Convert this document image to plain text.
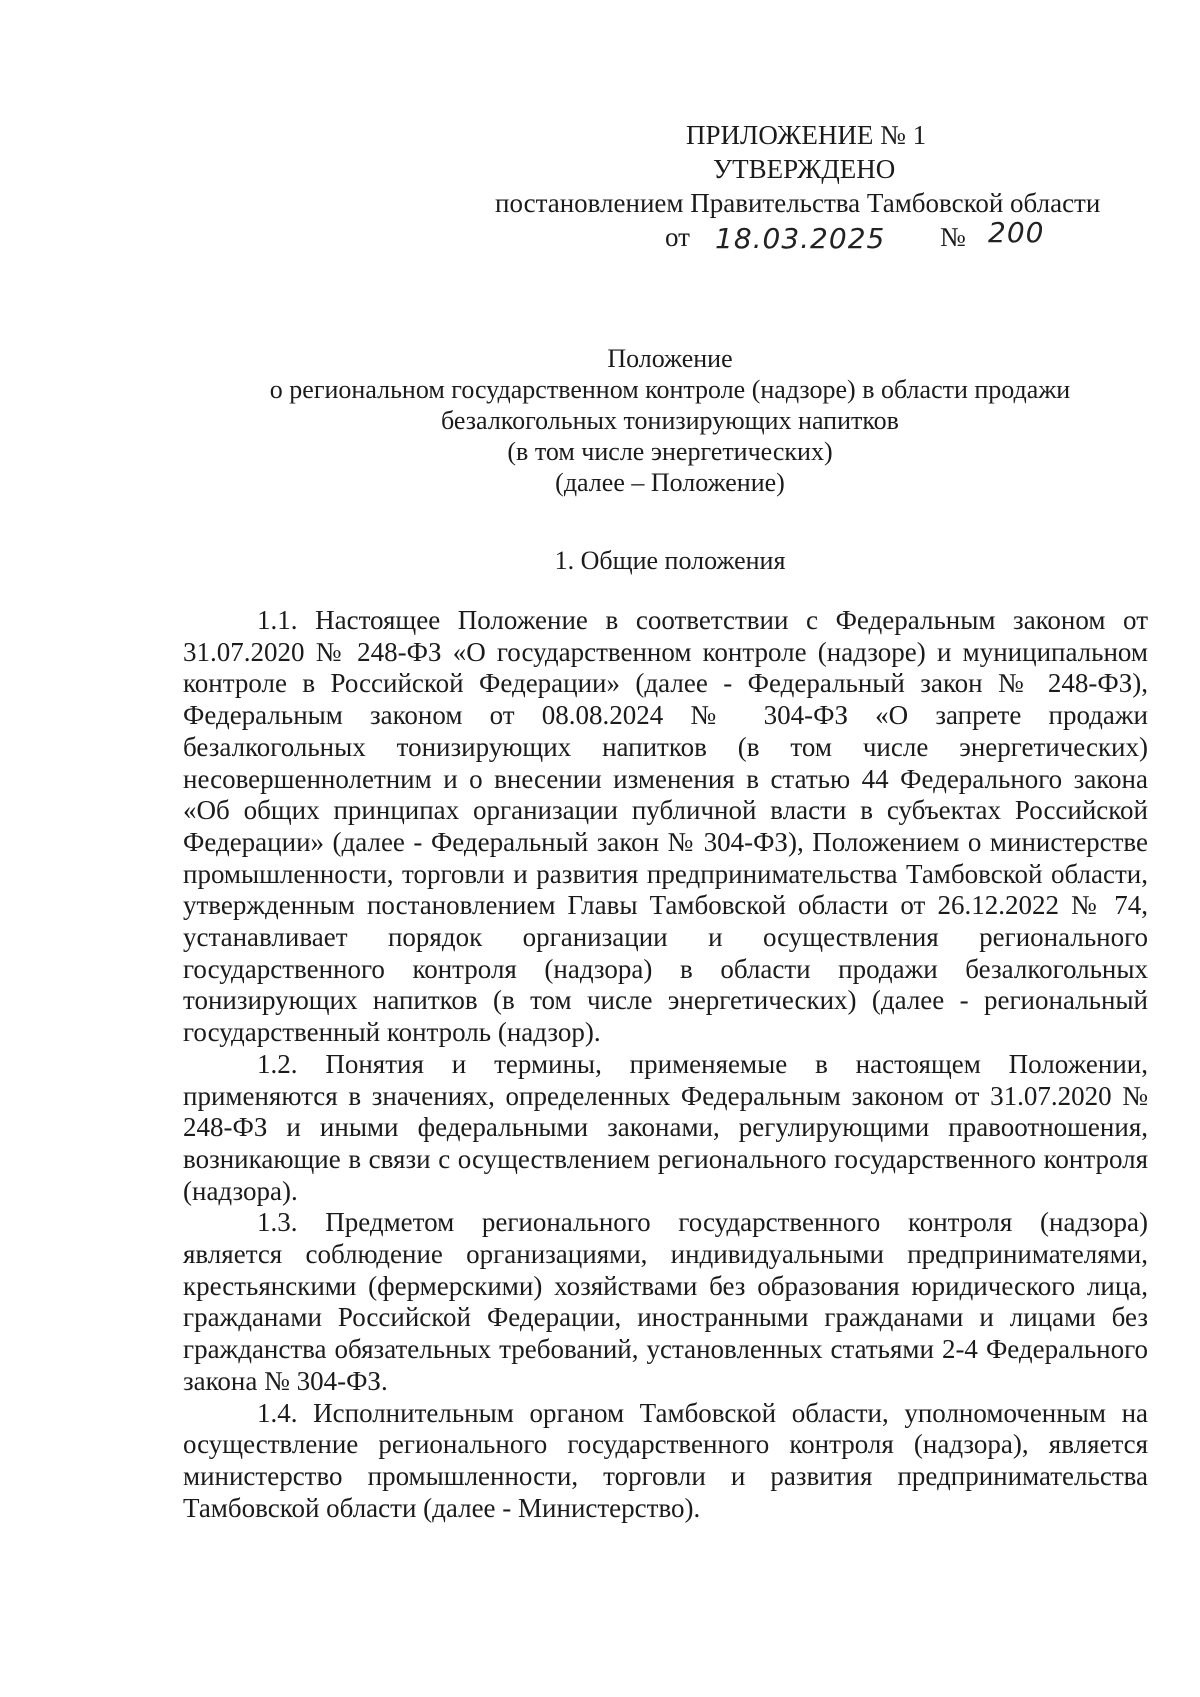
ПРИЛОЖЕНИЕ № 1
УТВЕРЖДЕНО
постановлением Правительства Тамбовской области
от 18.03.2025 № 200
Положение
о региональном государственном контроле (надзоре) в области продажи
безалкогольных тонизирующих напитков
(в том числе энергетических)
(далее – Положение)
1. Общие положения

1.1. Настоящее Положение в соответствии с Федеральным законом от 31.07.2020 № 248-ФЗ «О государственном контроле (надзоре) и муниципальном контроле в Российской Федерации» (далее - Федеральный закон № 248-ФЗ), Федеральным законом от 08.08.2024 № 304-ФЗ «О запрете продажи безалкогольных тонизирующих напитков (в том числе энергетических) несовершеннолетним и о внесении изменения в статью 44 Федерального закона «Об общих принципах организации публичной власти в субъектах Российской Федерации» (далее - Федеральный закон № 304-ФЗ), Положением о министерстве промышленности, торговли и развития предпринимательства Тамбовской области, утвержденным постановлением Главы Тамбовской области от 26.12.2022 № 74, устанавливает порядок организации и осуществления регионального государственного контроля (надзора) в области продажи безалкогольных тонизирующих напитков (в том числе энергетических) (далее - региональный государственный контроль (надзор).

1.2. Понятия и термины, применяемые в настоящем Положении, применяются в значениях, определенных Федеральным законом от 31.07.2020 № 248-ФЗ и иными федеральными законами, регулирующими правоотношения, возникающие в связи с осуществлением регионального государственного контроля (надзора).

1.3. Предметом регионального государственного контроля (надзора) является соблюдение организациями, индивидуальными предпринимателями, крестьянскими (фермерскими) хозяйствами без образования юридического лица, гражданами Российской Федерации, иностранными гражданами и лицами без гражданства обязательных требований, установленных статьями 2-4 Федерального закона № 304-ФЗ.

1.4. Исполнительным органом Тамбовской области, уполномоченным на осуществление регионального государственного контроля (надзора), является министерство промышленности, торговли и развития предпринимательства Тамбовской области (далее - Министерство).
